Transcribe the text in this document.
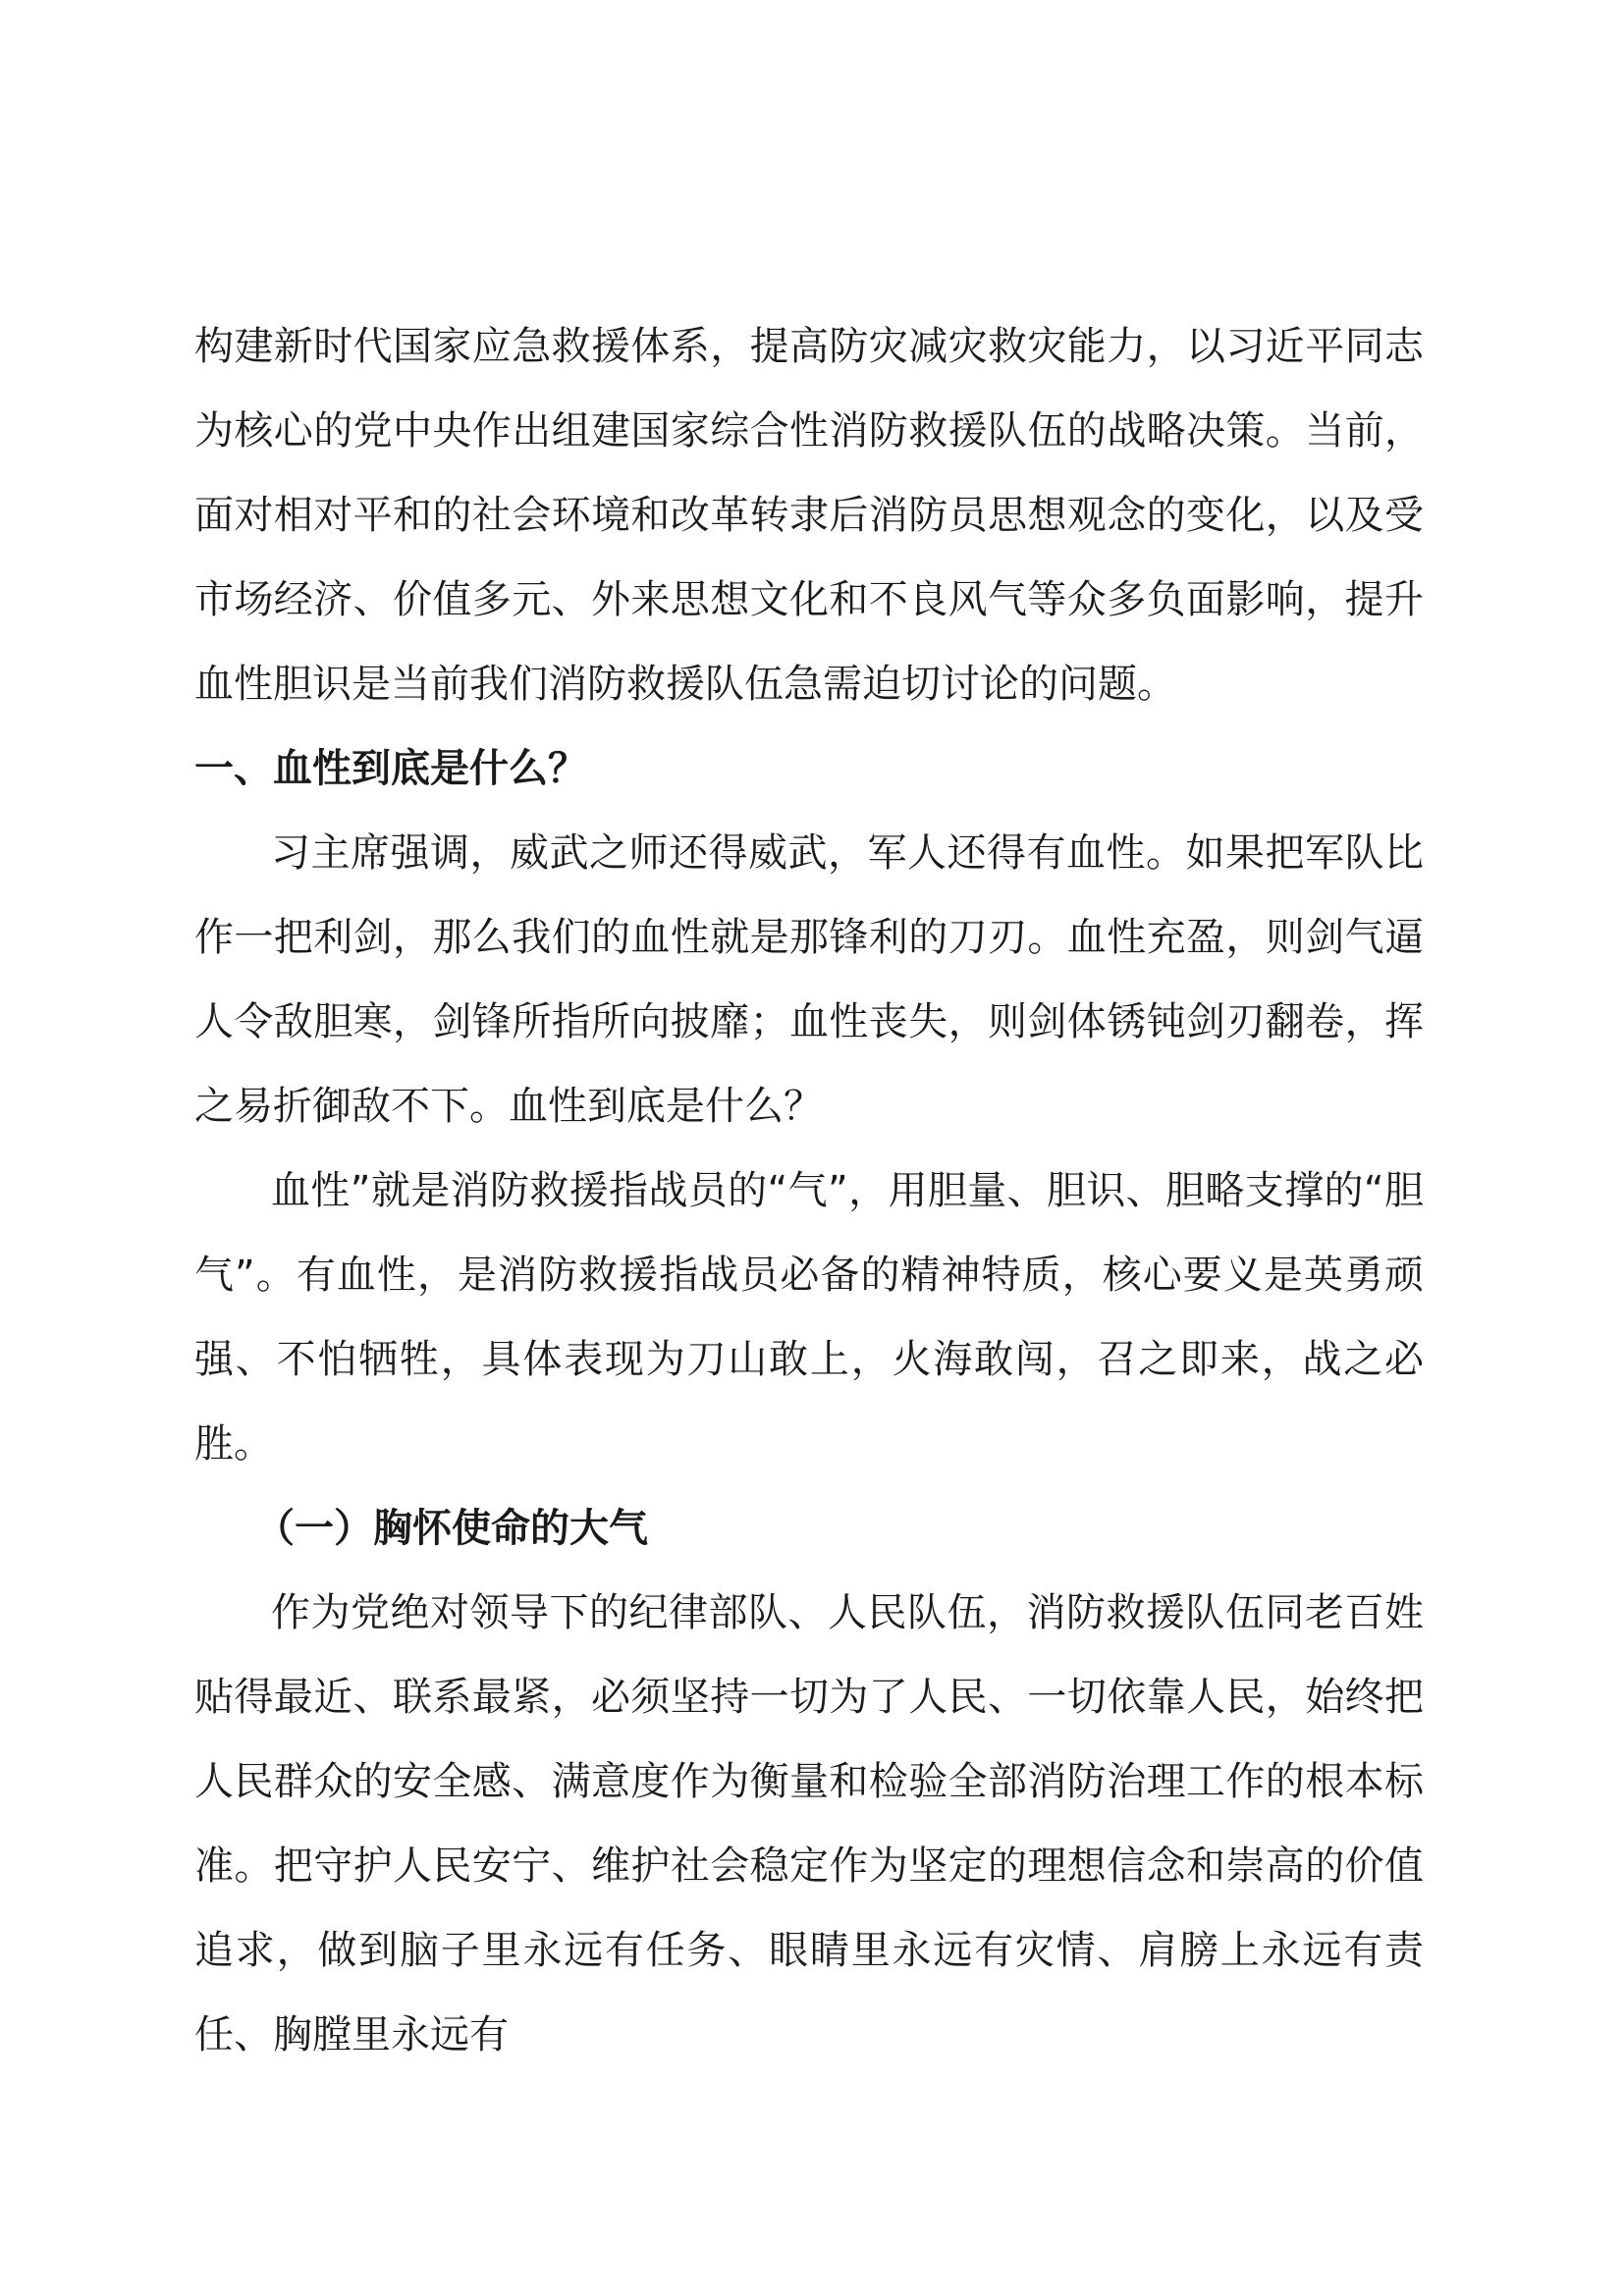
构建新时代国家应急救援体系，提高防灾减灾救灾能力，以习近平同志为核心的党中央作出组建国家综合性消防救援队伍的战略决策。当前，面对相对平和的社会环境和改革转隶后消防员思想观念的变化，以及受市场经济、价值多元、外来思想文化和不良风气等众多负面影响，提升血性胆识是当前我们消防救援队伍急需迫切讨论的问题。

一、血性到底是什么？

习主席强调，威武之师还得威武，军人还得有血性。如果把军队比作一把利剑，那么我们的血性就是那锋利的刀刃。血性充盈，则剑气逼人令敌胆寒，剑锋所指所向披靡；血性丧失，则剑体锈钝剑刃翻卷，挥之易折御敌不下。血性到底是什么？

血性”就是消防救援指战员的“气”，用胆量、胆识、胆略支撑的“胆气”。有血性，是消防救援指战员必备的精神特质，核心要义是英勇顽强、不怕牺牲，具体表现为刀山敢上，火海敢闯，召之即来，战之必胜。

（一）胸怀使命的大气

作为党绝对领导下的纪律部队、人民队伍，消防救援队伍同老百姓贴得最近、联系最紧，必须坚持一切为了人民、一切依靠人民，始终把人民群众的安全感、满意度作为衡量和检验全部消防治理工作的根本标准。把守护人民安宁、维护社会稳定作为坚定的理想信念和崇高的价值追求，做到脑子里永远有任务、眼睛里永远有灾情、肩膀上永远有责任、胸膛里永远有
